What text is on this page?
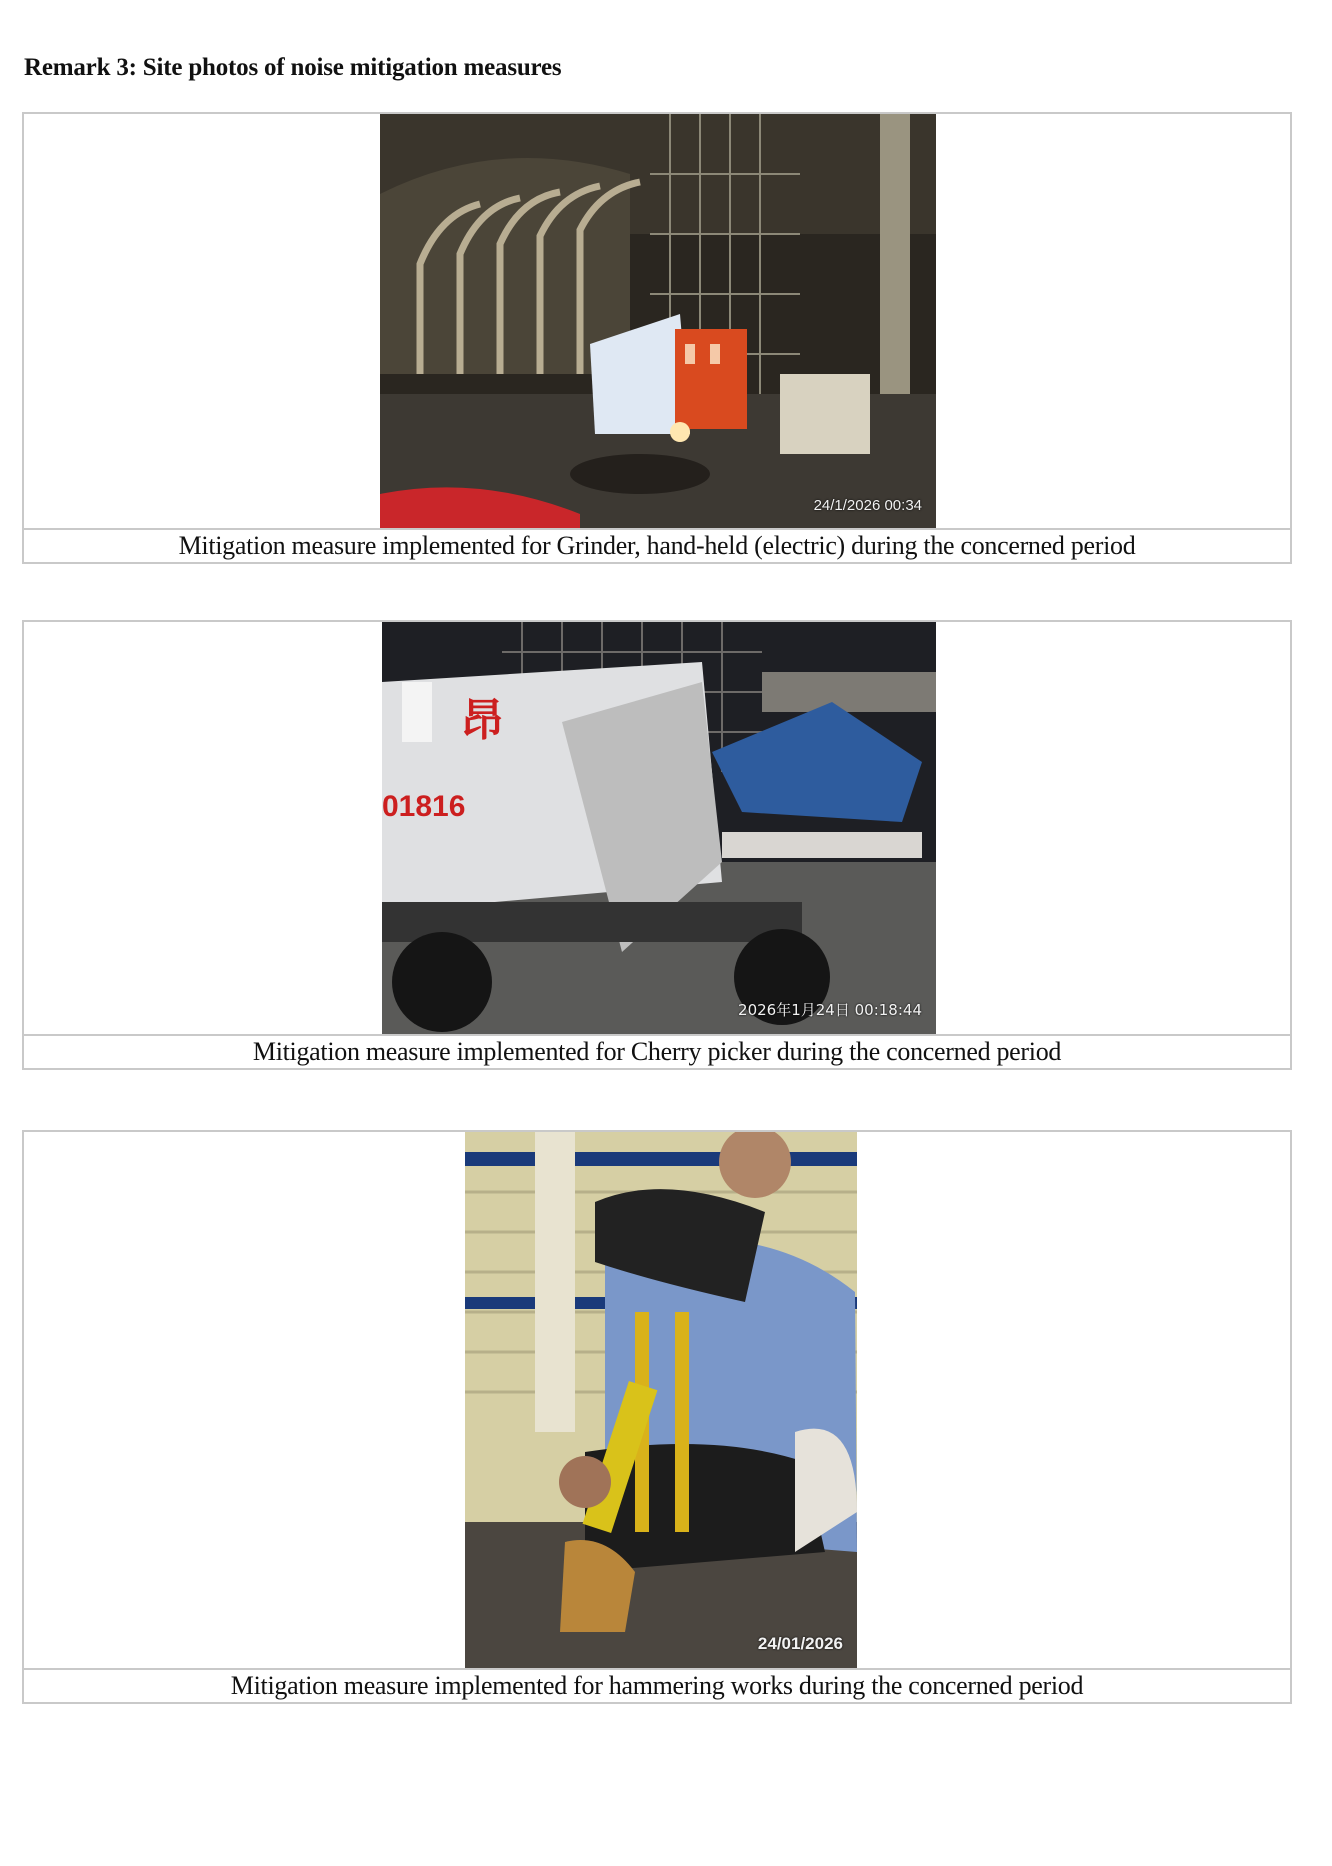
Remark 3: Site photos of noise mitigation measures
24/1/2026 00:34
Mitigation measure implemented for Grinder, hand-held (electric) during the concerned period
昂
01816
2026年1月24日 00:18:44
Mitigation measure implemented for Cherry picker during the concerned period
24/01/2026
Mitigation measure implemented for hammering works during the concerned period
